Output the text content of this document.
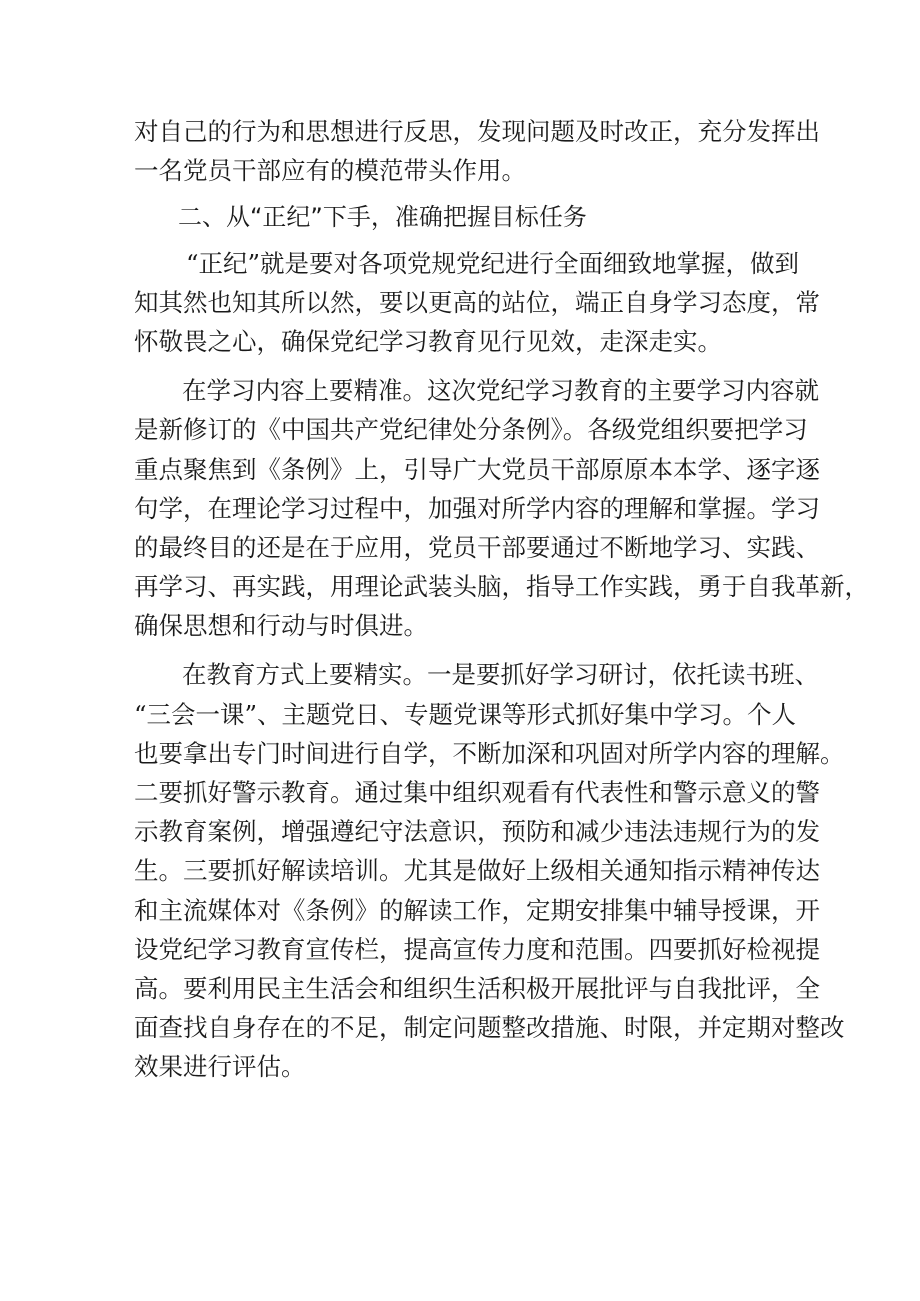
对自己的行为和思想进行反思，发现问题及时改正，充分发挥出
一名党员干部应有的模范带头作用。
二、从“正纪”下手，准确把握目标任务
“正纪”就是要对各项党规党纪进行全面细致地掌握，做到
知其然也知其所以然，要以更高的站位，端正自身学习态度，常
怀敬畏之心，确保党纪学习教育见行见效，走深走实。
在学习内容上要精准。这次党纪学习教育的主要学习内容就
是新修订的《中国共产党纪律处分条例》。各级党组织要把学习
重点聚焦到《条例》上，引导广大党员干部原原本本学、逐字逐
句学，在理论学习过程中，加强对所学内容的理解和掌握。学习
的最终目的还是在于应用，党员干部要通过不断地学习、实践、
再学习、再实践，用理论武装头脑，指导工作实践，勇于自我革新，
确保思想和行动与时俱进。
在教育方式上要精实。一是要抓好学习研讨，依托读书班、
“三会一课”、主题党日、专题党课等形式抓好集中学习。个人
也要拿出专门时间进行自学，不断加深和巩固对所学内容的理解。
二要抓好警示教育。通过集中组织观看有代表性和警示意义的警
示教育案例，增强遵纪守法意识，预防和减少违法违规行为的发
生。三要抓好解读培训。尤其是做好上级相关通知指示精神传达
和主流媒体对《条例》的解读工作，定期安排集中辅导授课，开
设党纪学习教育宣传栏，提高宣传力度和范围。四要抓好检视提
高。要利用民主生活会和组织生活积极开展批评与自我批评，全
面查找自身存在的不足，制定问题整改措施、时限，并定期对整改
效果进行评估。
